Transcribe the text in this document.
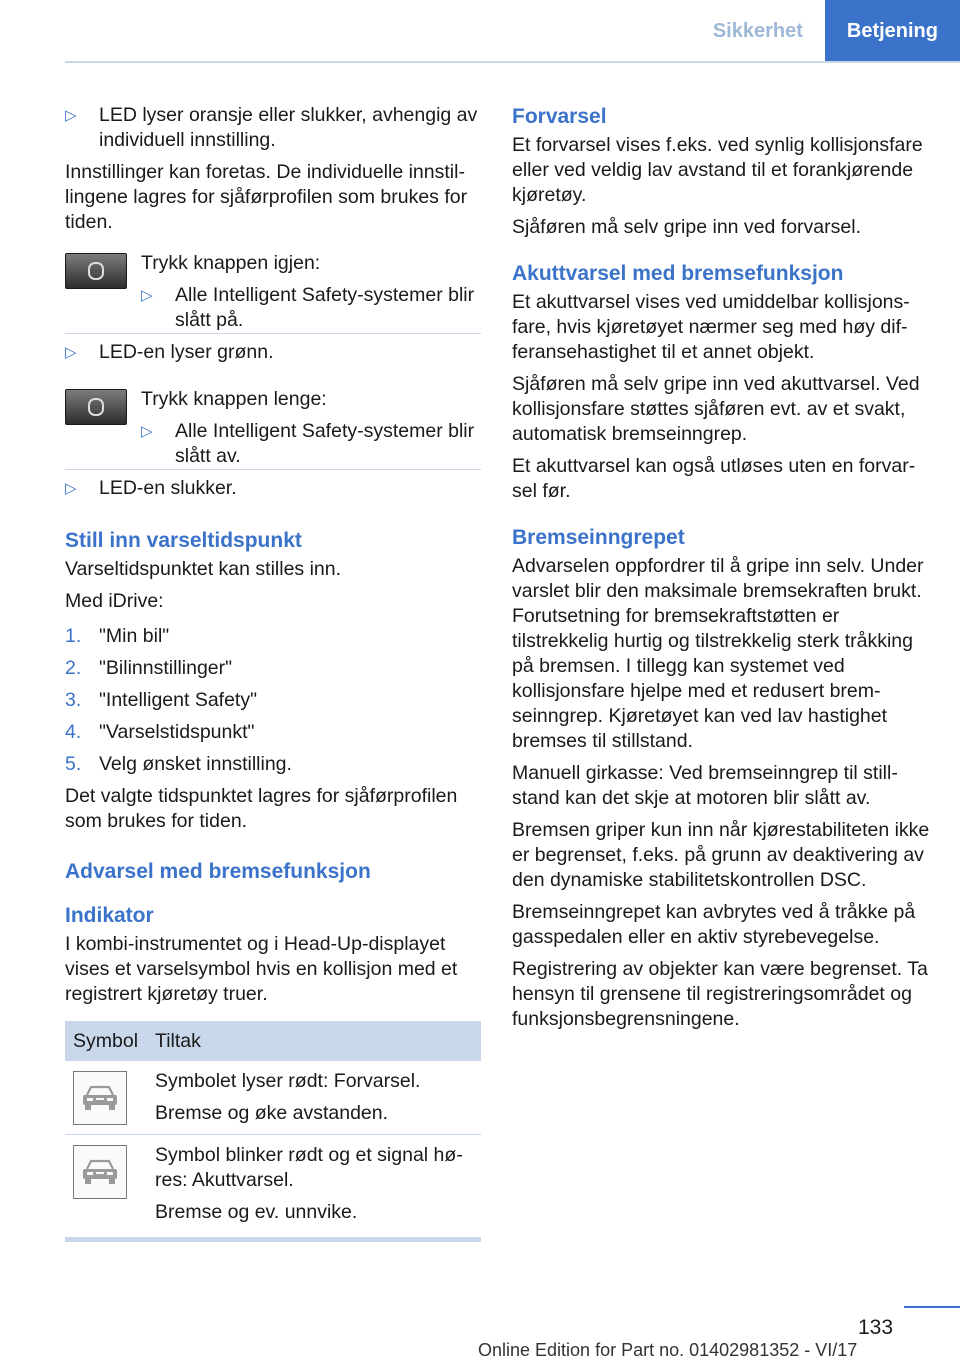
Sikkerhet	Betjening
▷ LED lyser oransje eller slukker, avhengig av individuell innstilling.

Innstillinger kan foretas. De individuelle innstillingene lagres for sjåførprofilen som brukes for tiden.

Trykk knappen igjen:

▷ Alle Intelligent Safety-systemer blir slått på.
▷ LED-en lyser grønn.

Trykk knappen lenge:

▷ Alle Intelligent Safety-systemer blir slått av.
▷ LED-en slukker.
Still inn varseltidspunkt

Varseltidspunktet kan stilles inn.

Med iDrive:

1. "Min bil"
2. "Bilinnstillinger"
3. "Intelligent Safety"
4. "Varselstidspunkt"
5. Velg ønsket innstilling.

Det valgte tidspunktet lagres for sjåførprofilen som brukes for tiden.

Advarsel med bremsefunksjon
Indikator

I kombi-instrumentet og i Head-Up-displayet vises et varselsymbol hvis en kollisjon med et registrert kjøretøy truer.

Symbol	Tiltak

Symbolet lyser rødt: Forvarsel.

Bremse og øke avstanden.

Symbol blinker rødt og et signal høres: Akuttvarsel.

Bremse og ev. unnvike.

Forvarsel

Et forvarsel vises f.eks. ved synlig kollisjonsfare eller ved veldig lav avstand til et forankjørende kjøretøy.

Sjåføren må selv gripe inn ved forvarsel.

Akuttvarsel med bremsefunksjon

Et akuttvarsel vises ved umiddelbar kollisjonsfare, hvis kjøretøyet nærmer seg med høy differansehastighet til et annet objekt.

Sjåføren må selv gripe inn ved akuttvarsel. Ved kollisjonsfare støttes sjåføren evt. av et svakt, automatisk bremseinngrep.

Et akuttvarsel kan også utløses uten en forvarsel før.

Bremseinngrepet

Advarselen oppfordrer til å gripe inn selv. Under varslet blir den maksimale bremsekraften brukt. Forutsetning for bremsekraftstøtten er tilstrekkelig hurtig og tilstrekkelig sterk tråkking på bremsen. I tillegg kan systemet ved kollisjonsfare hjelpe med et redusert bremseinngrep. Kjøretøyet kan ved lav hastighet bremses til stillstand.

Manuell girkasse: Ved bremseinngrep til stillstand kan det skje at motoren blir slått av.

Bremsen griper kun inn når kjørestabiliteten ikke er begrenset, f.eks. på grunn av deaktivering av den dynamiske stabilitetskontrollen DSC.

Bremseinngrepet kan avbrytes ved å tråkke på gasspedalen eller en aktiv styrebevegelse.

Registrering av objekter kan være begrenset. Ta hensyn til grensene til registreringsområdet og funksjonsbegrensningene.

133
Online Edition for Part no. 01402981352 - VI/17
